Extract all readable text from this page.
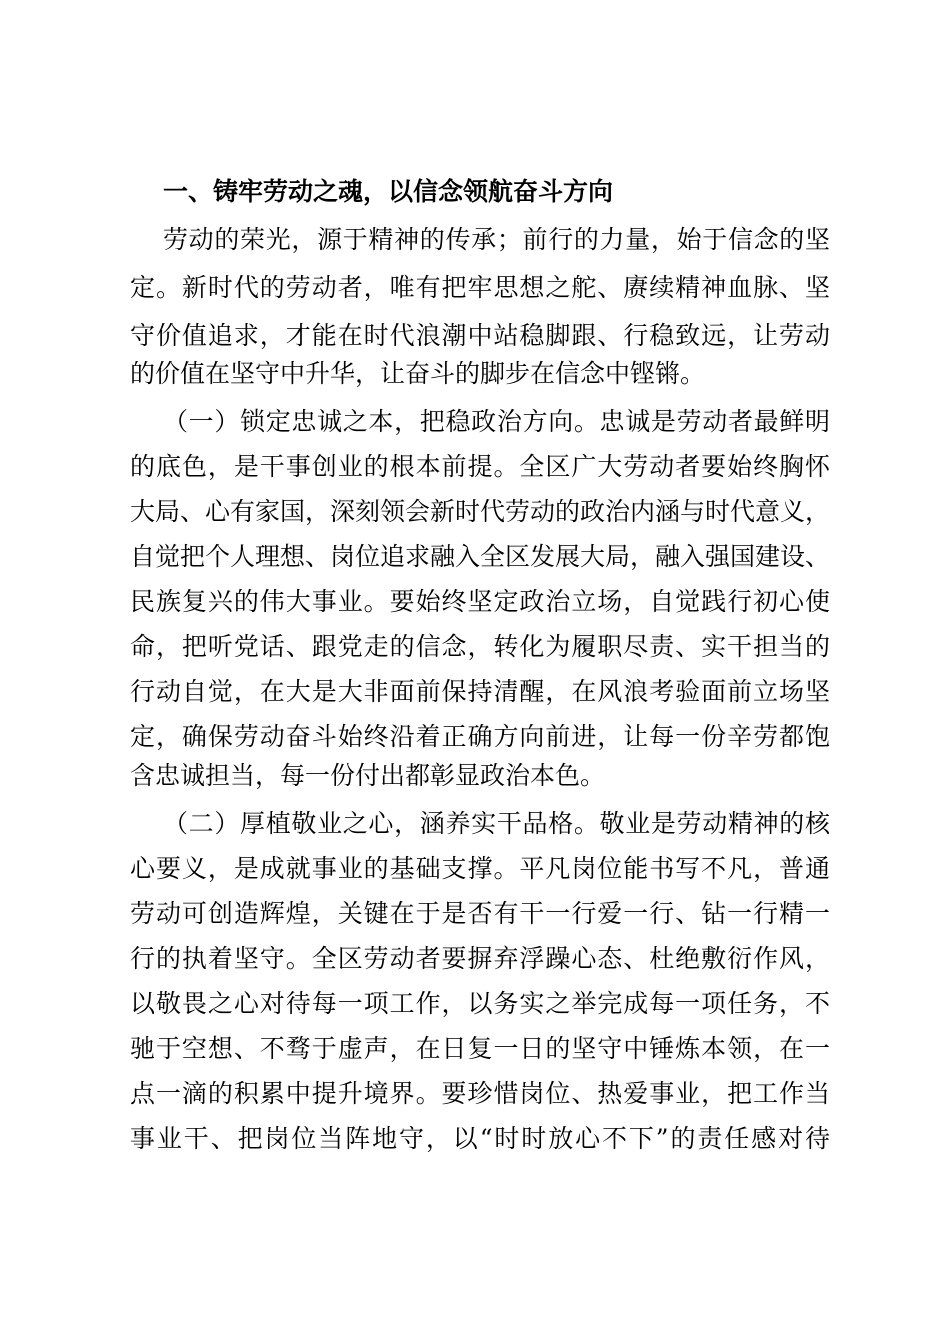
一、铸牢劳动之魂，以信念领航奋斗方向
劳动的荣光，源于精神的传承；前行的力量，始于信念的坚
定。新时代的劳动者，唯有把牢思想之舵、赓续精神血脉、坚
守价值追求，才能在时代浪潮中站稳脚跟、行稳致远，让劳动
的价值在坚守中升华，让奋斗的脚步在信念中铿锵。
（一）锁定忠诚之本，把稳政治方向。忠诚是劳动者最鲜明
的底色，是干事创业的根本前提。全区广大劳动者要始终胸怀
大局、心有家国，深刻领会新时代劳动的政治内涵与时代意义，
自觉把个人理想、岗位追求融入全区发展大局，融入强国建设、
民族复兴的伟大事业。要始终坚定政治立场，自觉践行初心使
命，把听党话、跟党走的信念，转化为履职尽责、实干担当的
行动自觉，在大是大非面前保持清醒，在风浪考验面前立场坚
定，确保劳动奋斗始终沿着正确方向前进，让每一份辛劳都饱
含忠诚担当，每一份付出都彰显政治本色。
（二）厚植敬业之心，涵养实干品格。敬业是劳动精神的核
心要义，是成就事业的基础支撑。平凡岗位能书写不凡，普通
劳动可创造辉煌，关键在于是否有干一行爱一行、钻一行精一
行的执着坚守。全区劳动者要摒弃浮躁心态、杜绝敷衍作风，
以敬畏之心对待每一项工作，以务实之举完成每一项任务，不
驰于空想、不骛于虚声，在日复一日的坚守中锤炼本领，在一
点一滴的积累中提升境界。要珍惜岗位、热爱事业，把工作当
事业干、把岗位当阵地守，以“时时放心不下”的责任感对待
